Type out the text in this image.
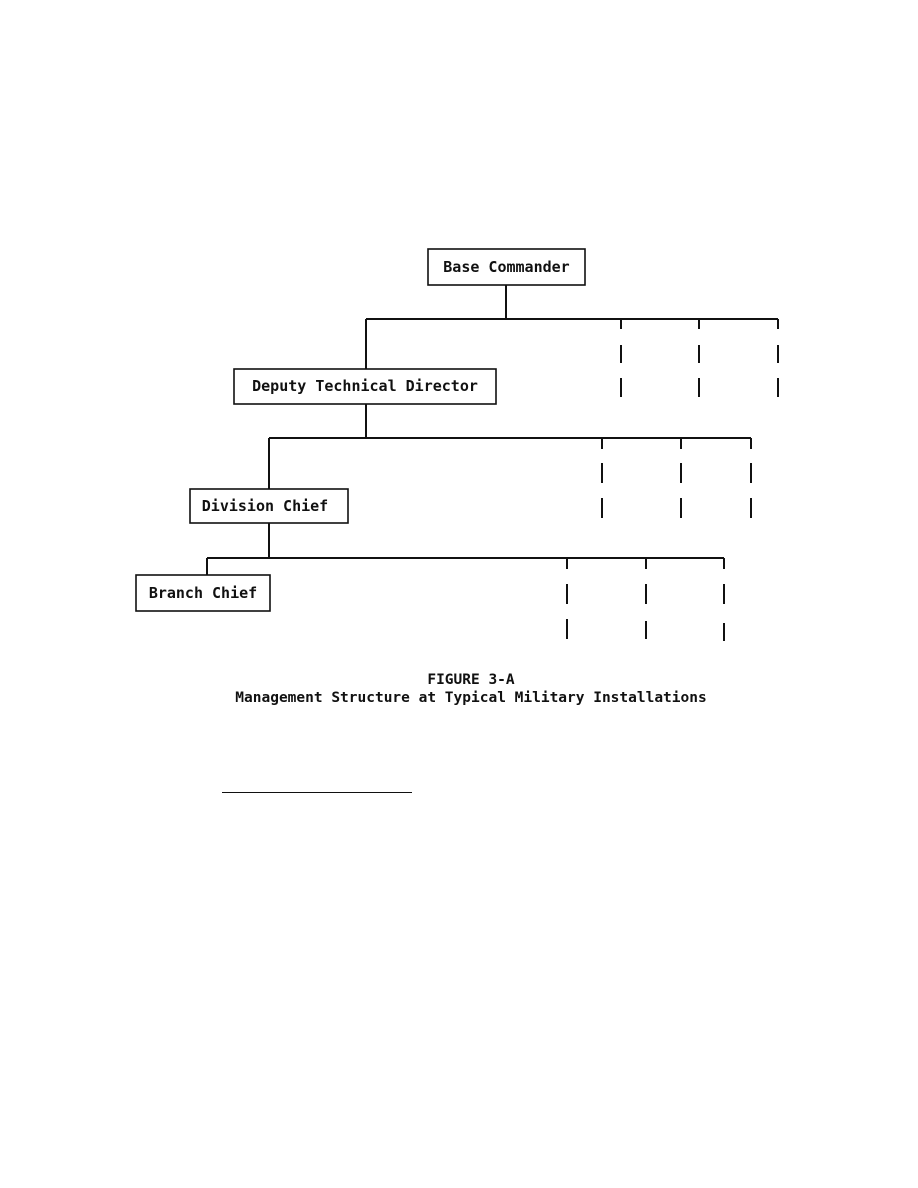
Base Commander
Deputy Technical Director
Division Chief
Branch Chief
FIGURE 3-A
Management Structure at Typical Military Installations
